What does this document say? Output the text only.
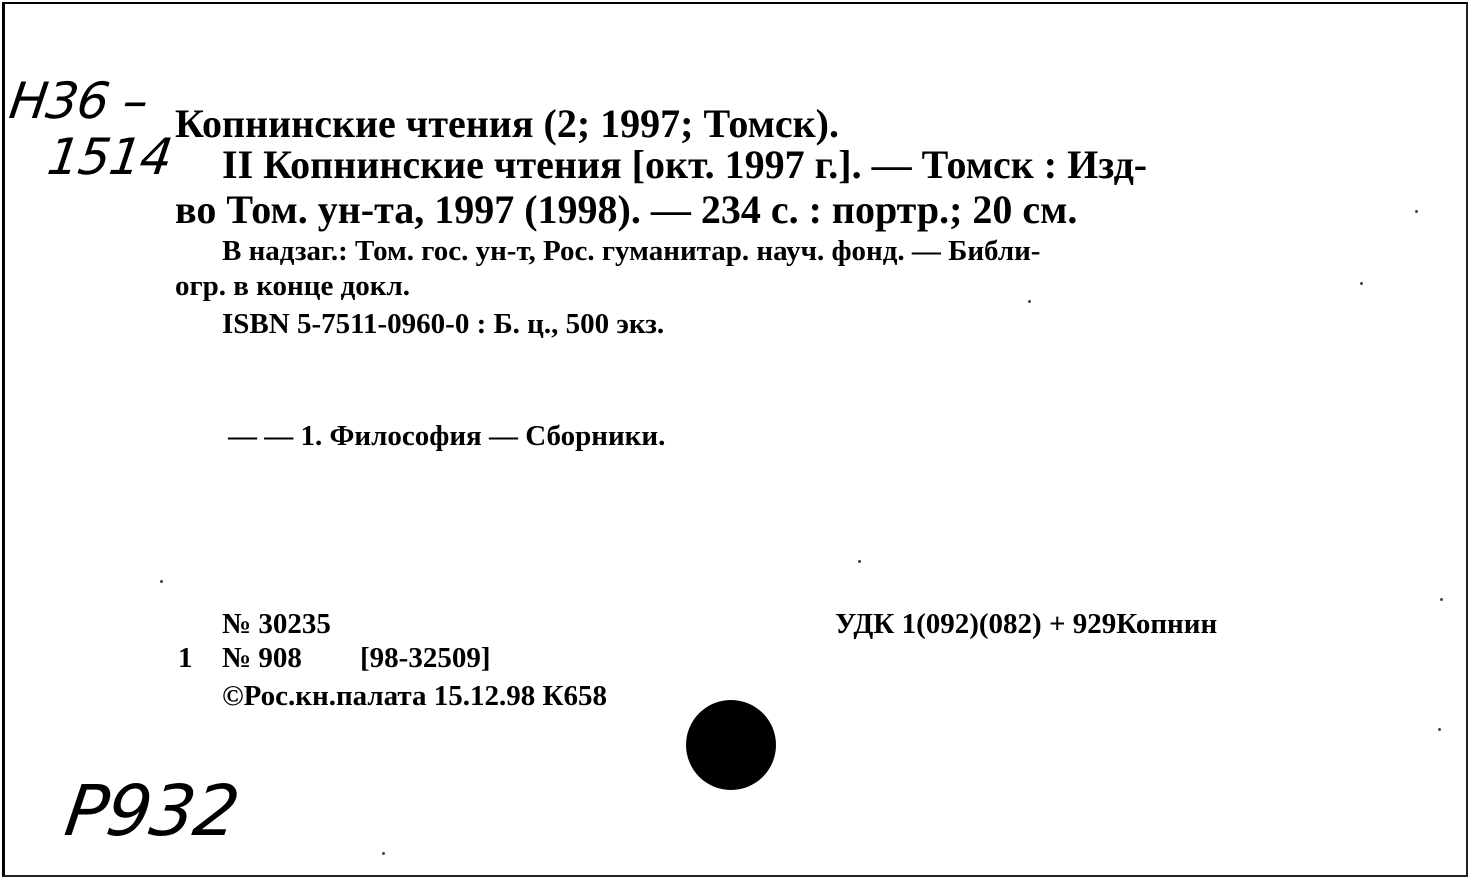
Н36 –
1514
Копнинские чтения (2; 1997; Томск).
II Копнинские чтения [окт. 1997 г.]. — Томск : Изд-
во Том. ун-та, 1997 (1998). — 234 с. : портр.; 20 см.
В надзаг.: Том. гос. ун-т, Рос. гуманитар. науч. фонд. — Библи-
огр. в конце докл.
ISBN 5-7511-0960-0 : Б. ц., 500 экз.
— — 1. Философия — Сборники.
№ 30235	УДК 1(092)(082) + 929Копнин
1 № 908 [98-32509]
©Рос.кн.палата 15.12.98 К658
Р932
